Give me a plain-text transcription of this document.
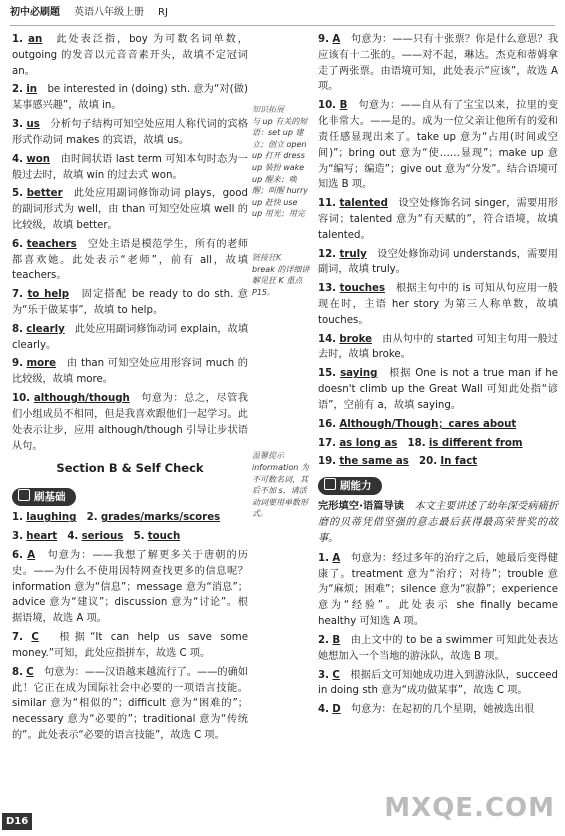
初中必刷题 英语八年级上册 RJ
1. an　 此处表泛指，boy 为可数名词单数，outgoing 的发音以元音音素开头，故填不定冠词 an。
2. in　 be interested in (doing) sth. 意为“对(做)某事感兴趣”，故填 in。
3. us　 分析句子结构可知空处应用人称代词的宾格形式作动词 makes 的宾语，故填 us。
4. won　 由时间状语 last term 可知本句时态为一般过去时，故填 win 的过去式 won。
5. better　 此处应用副词修饰动词 plays，good 的副词形式为 well，由 than 可知空处应填 well 的比较级，故填 better。
6. teachers　 空处主语是模范学生，所有的老师都喜欢她。此处表示“老师”，前有 all，故填 teachers。
7. to help　 固定搭配 be ready to do sth. 意为“乐于做某事”，故填 to help。
8. clearly　 此处应用副词修饰动词 explain，故填 clearly。
9. more　 由 than 可知空处应用形容词 much 的比较级，故填 more。
10. although/though　 句意为：总之，尽管我们小组成员不相同，但是我喜欢跟他们一起学习。此处表示让步，应用 although/though 引导让步状语从句。
Section B & Self Check
刷基础
1. laughing　 2. grades/marks/scores　
3. heart　 4. serious　 5. touch　
6. A　 句意为：——我想了解更多关于唐朝的历史。——为什么不使用因特网查找更多的信息呢？information 意为“信息”；message 意为“消息”；advice 意为“建议”；discussion 意为“讨论”。根据语境，故选 A 项。
7. C　 根据“It can help us save some money.”可知，此处应指拼车，故选 C 项。
8. C　 句意为：——汉语越来越流行了。——的确如此！它正在成为国际社会中必要的一项语言技能。similar 意为“相似的”；difficult 意为“困难的”；necessary 意为“必要的”；traditional 意为“传统的”。此处表示“必要的语言技能”，故选 C 项。
知识拓展
与 up 有关的短语：set up 建立；创立 open up 打开 dress up 装扮 wake up 醒来；唤醒；叫醒 hurry up 赶快 use up 用光；用完
链接狂K
break 的详细讲解见狂 K 重点 P15。
温馨提示
information 为不可数名词，其后不加 s，请活动词要用单数形式。
9. A　 句意为：——只有十张票？你是什么意思？我应该有十二张的。——对不起，琳达。杰克和蒂姆拿走了两张票。由语境可知，此处表示“应该”，故选 A 项。
10. B　 句意为：——自从有了宝宝以来，拉里的变化非常大。——是的。成为一位父亲让他所有的爱和责任感显现出来了。take up 意为“占用(时间或空间)”；bring out 意为“使……显现”；make up 意为“编写；编造”；give out 意为“分发”。结合语境可知选 B 项。
11. talented　 设空处修饰名词 singer，需要用形容词；talented 意为“有天赋的”，符合语境，故填 talented。
12. truly　 设空处修饰动词 understands，需要用副词，故填 truly。
13. touches　 根据主句中的 is 可知从句应用一般现在时，主语 her story 为第三人称单数，故填 touches。
14. broke　 由从句中的 started 可知主句用一般过去时，故填 broke。
15. saying　 根据 One is not a true man if he doesn't climb up the Great Wall 可知此处指“谚语”，空前有 a，故填 saying。
16. Although/Though；cares about　
17. as long as　 18. is different from　
19. the same as　 20. In fact　
刷能力
完形填空·语篇导读　 本文主要讲述了幼年深受病痛折磨的贝蒂凭借坚强的意志最后获得最高荣誉奖的故事。
1. A　 句意为：经过多年的治疗之后，她最后变得健康了。treatment 意为“治疗；对待”；trouble 意为“麻烦；困难”；silence 意为“寂静”；experience 意为“经验”。此处表示 she finally became healthy 可知选 A 项。
2. B　 由上文中的 to be a swimmer 可知此处表达她想加入一个当地的游泳队，故选 B 项。
3. C　 根据后文可知她成功进入到游泳队，succeed in doing sth 意为“成功做某事”，故选 C 项。
4. D　 句意为：在起初的几个星期，她被选出很
D16	MXQE.COM
